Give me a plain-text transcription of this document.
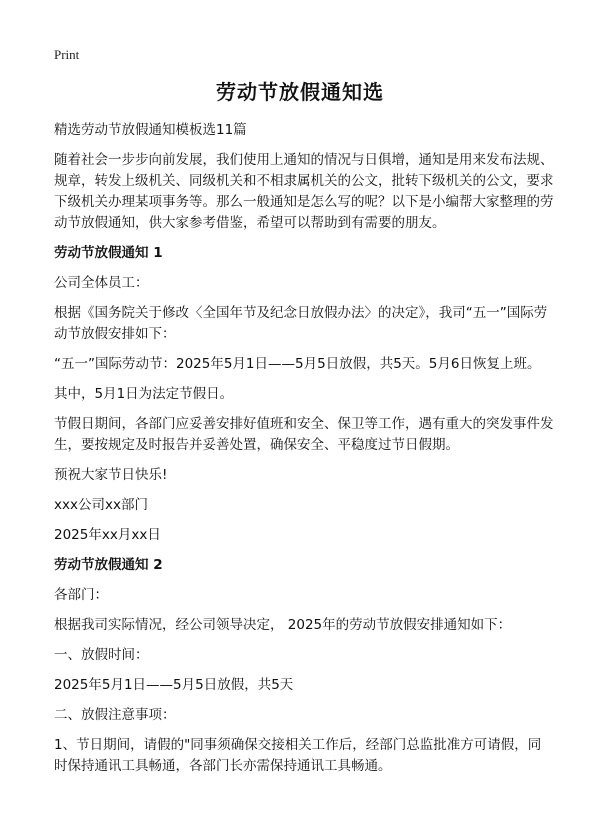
Print
劳动节放假通知选
精选劳动节放假通知模板选11篇
随着社会一步步向前发展，我们使用上通知的情况与日俱增，通知是用来发布法规、规章，转发上级机关、同级机关和不相隶属机关的公文，批转下级机关的公文，要求下级机关办理某项事务等。那么一般通知是怎么写的呢？以下是小编帮大家整理的劳动节放假通知，供大家参考借鉴，希望可以帮助到有需要的朋友。
劳动节放假通知 1
公司全体员工：
根据《国务院关于修改〈全国年节及纪念日放假办法〉的决定》，我司“五一”国际劳动节放假安排如下：
“五一”国际劳动节：2025年5月1日——5月5日放假，共5天。5月6日恢复上班。
其中，5月1日为法定节假日。
节假日期间，各部门应妥善安排好值班和安全、保卫等工作，遇有重大的突发事件发生，要按规定及时报告并妥善处置，确保安全、平稳度过节日假期。
预祝大家节日快乐!
xxx公司xx部门
2025年xx月xx日
劳动节放假通知 2
各部门：
根据我司实际情况，经公司领导决定， 2025年的劳动节放假安排通知如下：
一、放假时间：
2025年5月1日——5月5日放假，共5天
二、放假注意事项：
1、节日期间，请假的"同事须确保交接相关工作后，经部门总监批准方可请假，同时保持通讯工具畅通，各部门长亦需保持通讯工具畅通。
